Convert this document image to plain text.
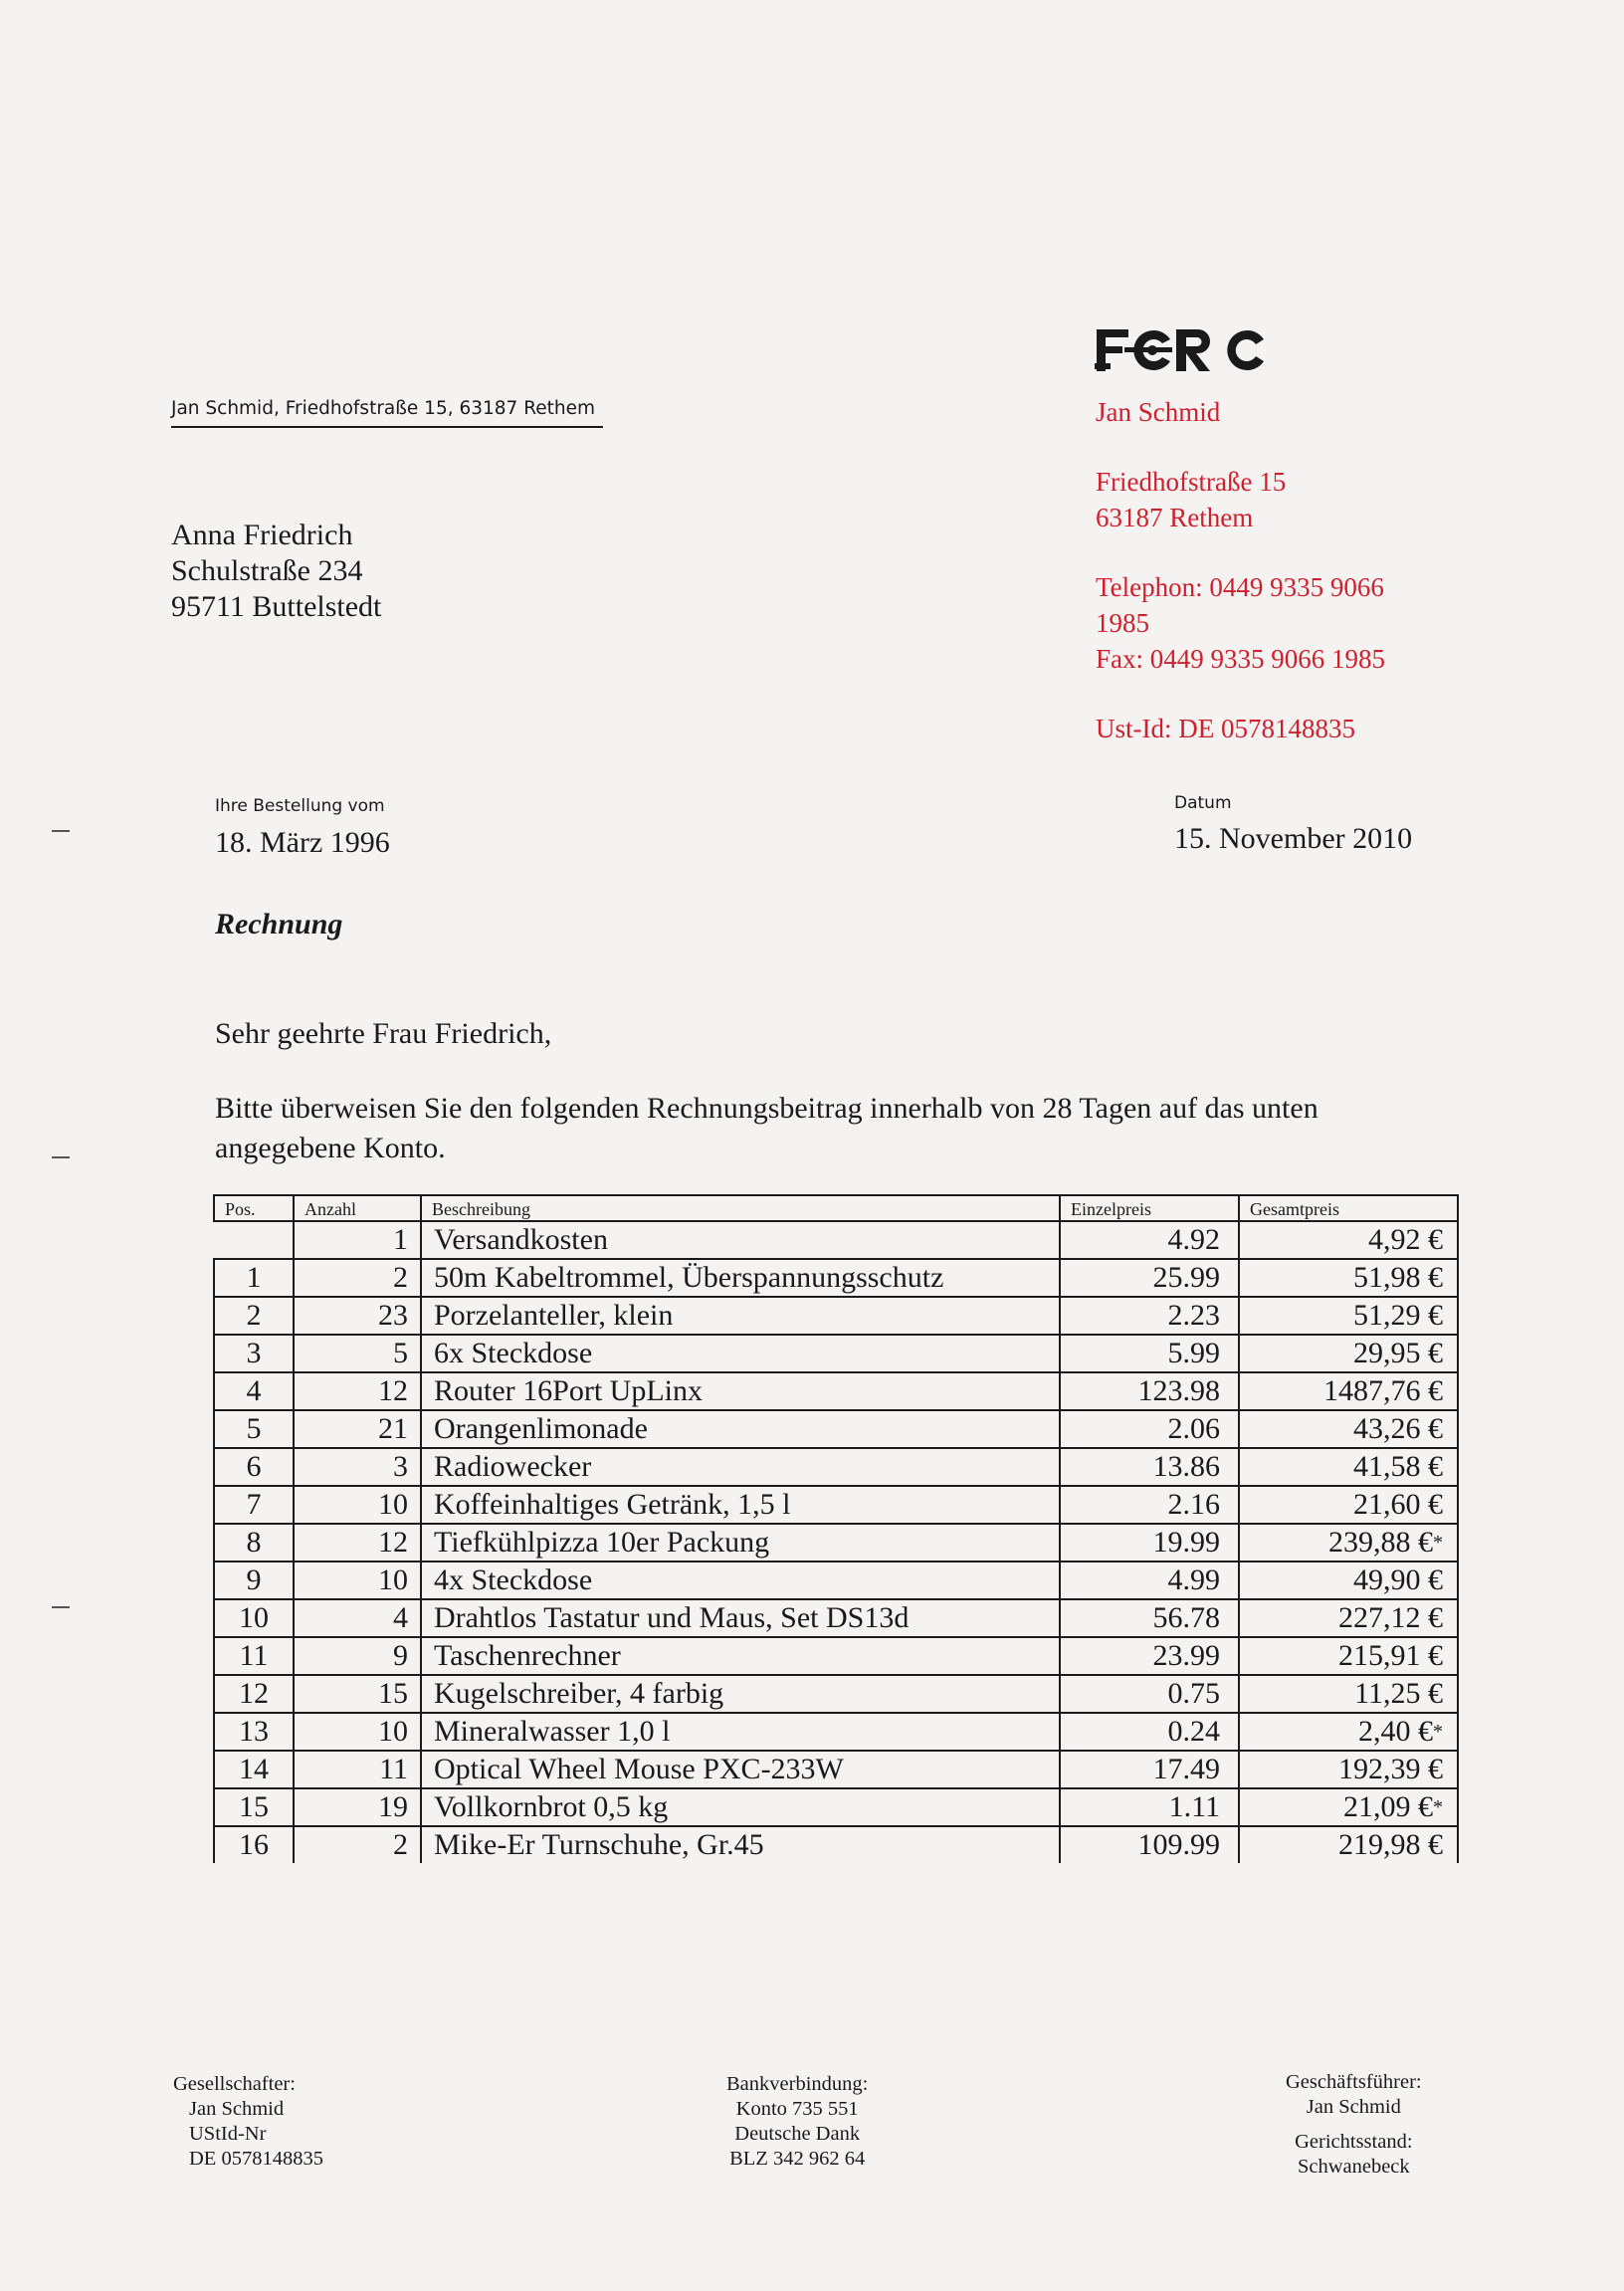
Jan Schmid, Friedhofstraße 15, 63187 Rethem
Anna Friedrich
Schulstraße 234
95711 Buttelstedt
Jan Schmid
Friedhofstraße 15
63187 Rethem
Telephon: 0449 9335 9066
1985
Fax: 0449 9335 9066 1985
Ust-Id: DE 0578148835
Ihre Bestellung vom
18. März 1996
Datum
15. November 2010
Rechnung
Sehr geehrte Frau Friedrich,
Bitte überweisen Sie den folgenden Rechnungsbeitrag innerhalb von 28 Tagen auf das unten angegebene Konto.
Pos.	Anzahl	Beschreibung	Einzelpreis	Gesamtpreis
	1	Versandkosten	4.92	4,92 €
1	2	50m Kabeltrommel, Überspannungsschutz	25.99	51,98 €
2	23	Porzelanteller, klein	2.23	51,29 €
3	5	6x Steckdose	5.99	29,95 €
4	12	Router 16Port UpLinx	123.98	1487,76 €
5	21	Orangenlimonade	2.06	43,26 €
6	3	Radiowecker	13.86	41,58 €
7	10	Koffeinhaltiges Getränk, 1,5 l	2.16	21,60 €
8	12	Tiefkühlpizza 10er Packung	19.99	239,88 €*
9	10	4x Steckdose	4.99	49,90 €
10	4	Drahtlos Tastatur und Maus, Set DS13d	56.78	227,12 €
11	9	Taschenrechner	23.99	215,91 €
12	15	Kugelschreiber, 4 farbig	0.75	11,25 €
13	10	Mineralwasser 1,0 l	0.24	2,40 €*
14	11	Optical Wheel Mouse PXC-233W	17.49	192,39 €
15	19	Vollkornbrot 0,5 kg	1.11	21,09 €*
16	2	Mike-Er Turnschuhe, Gr.45	109.99	219,98 €
Gesellschafter:
Jan Schmid
UStId-Nr
DE 0578148835
Bankverbindung:
Konto 735 551
Deutsche Dank
BLZ 342 962 64
Geschäftsführer:
Jan Schmid
Gerichtsstand:
Schwanebeck
